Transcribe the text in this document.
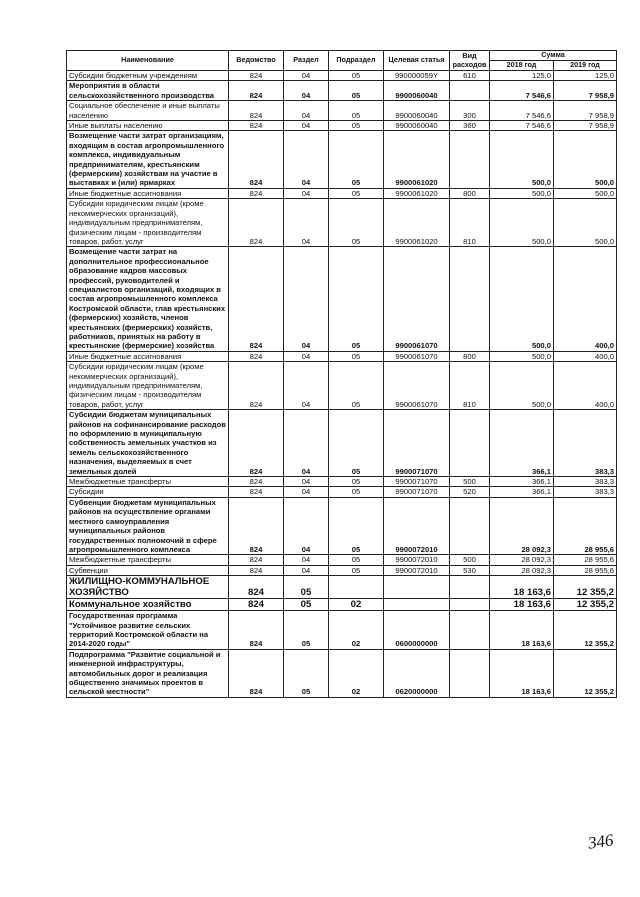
Наименование	Ведомство	Раздел	Подраздел	Целевая статья	Вид расходов	Сумма	
						2018 год	2019 год
Субсидии бюджетным учреждениям	824	04	05	990000059Y	610	125,0	125,0
Мероприятия в области сельскохозяйственного производства	824	04	05	9900060040		7 546,6	7 958,9
Социальное обеспечение и иные выплаты населению	824	04	05	9900060040	300	7 546,6	7 958,9
Иные выплаты населению	824	04	05	9900060040	360	7 546,6	7 958,9
Возмещение части затрат организациям, входящим в состав агропромышленного комплекса, индивидуальным предпринимателям, крестьянским (фермерским) хозяйствам на участие в выставках и (или) ярмарках	824	04	05	9900061020		500,0	500,0
Иные бюджетные ассигнования	824	04	05	9900061020	800	500,0	500,0
Субсидии юридическим лицам (кроме некоммерческих организаций), индивидуальным предпринимателям, физическим лицам - производителям товаров, работ, услуг	824	04	05	9900061020	810	500,0	500,0
Возмещение части затрат на дополнительное профессиональное образование кадров массовых профессий, руководителей и специалистов организаций, входящих в состав агропромышленного комплекса Костромской области, глав крестьянских (фермерских) хозяйств, членов крестьянских (фермерских) хозяйств, работников, принятых на работу в крестьянские (фермерские) хозяйства	824	04	05	9900061070		500,0	400,0
Иные бюджетные ассигнования	824	04	05	9900061070	800	500,0	400,0
Субсидии юридическим лицам (кроме некоммерческих организаций), индивидуальным предпринимателям, физическим лицам - производителям товаров, работ, услуг	824	04	05	9900061070	810	500,0	400,0
Субсидии бюджетам муниципальных районов на софинансирование расходов по оформлению в муниципальную собственность земельных участков из земель сельскохозяйственного назначения, выделяемых в счет земельных долей	824	04	05	9900071070		366,1	383,3
Межбюджетные трансферты	824	04	05	9900071070	500	366,1	383,3
Субсидии	824	04	05	9900071070	520	366,1	383,3
Субвенции бюджетам муниципальных районов на осуществление органами местного самоуправления муниципальных районов государственных полномочий в сфере агропромышленного комплекса	824	04	05	9900072010		28 092,3	28 955,6
Межбюджетные трансферты	824	04	05	9900072010	500	28 092,3	28 955,6
Субвенции	824	04	05	9900072010	530	28 092,3	28 955,6
ЖИЛИЩНО-КОММУНАЛЬНОЕ ХОЗЯЙСТВО	824	05				18 163,6	12 355,2
Коммунальное хозяйство	824	05	02			18 163,6	12 355,2
Государственная программа "Устойчивое развитие сельских территорий Костромской области на 2014-2020 годы"	824	05	02	0600000000		18 163,6	12 355,2
Подпрограмма "Развитие социальной и инженерной инфраструктуры, автомобильных дорог и реализация общественно значимых проектов в сельской местности"	824	05	02	0620000000		18 163,6	12 355,2
346
